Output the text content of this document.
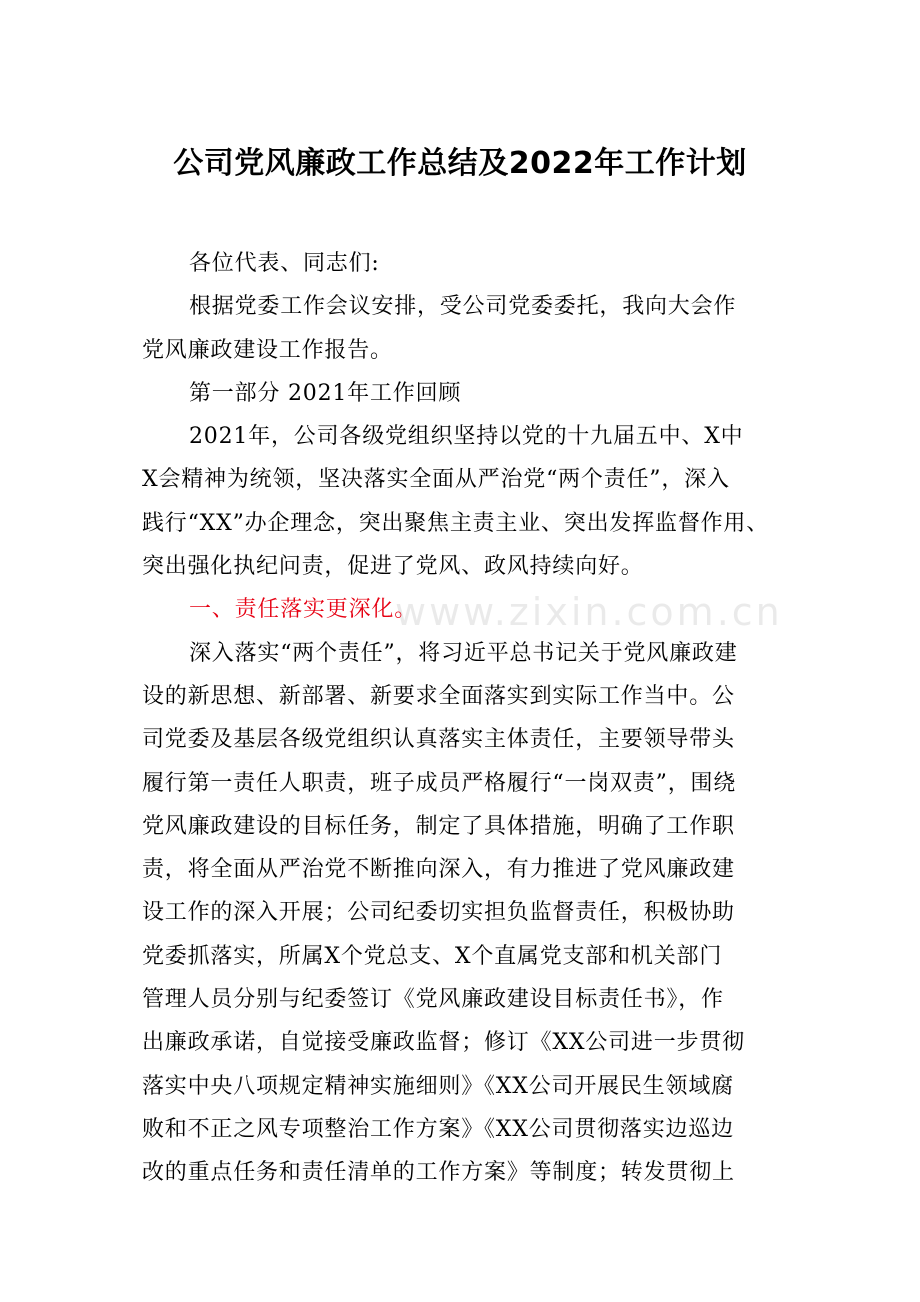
www.zixin.com.cn
公司党风廉政工作总结及2022年工作计划
各位代表、同志们:
根据党委工作会议安排，受公司党委委托，我向大会作
党风廉政建设工作报告。
第一部分 2021年工作回顾
2021年，公司各级党组织坚持以党的十九届五中、X中
X会精神为统领，坚决落实全面从严治党“两个责任”，深入
践行“XX”办企理念，突出聚焦主责主业、突出发挥监督作用、
突出强化执纪问责，促进了党风、政风持续向好。
一、责任落实更深化。
深入落实“两个责任”，将习近平总书记关于党风廉政建
设的新思想、新部署、新要求全面落实到实际工作当中。公
司党委及基层各级党组织认真落实主体责任，主要领导带头
履行第一责任人职责，班子成员严格履行“一岗双责”，围绕
党风廉政建设的目标任务，制定了具体措施，明确了工作职
责，将全面从严治党不断推向深入，有力推进了党风廉政建
设工作的深入开展；公司纪委切实担负监督责任，积极协助
党委抓落实，所属X个党总支、X个直属党支部和机关部门
管理人员分别与纪委签订《党风廉政建设目标责任书》，作
出廉政承诺，自觉接受廉政监督；修订《XX公司进一步贯彻
落实中央八项规定精神实施细则》《XX公司开展民生领域腐
败和不正之风专项整治工作方案》《XX公司贯彻落实边巡边
改的重点任务和责任清单的工作方案》等制度；转发贯彻上
